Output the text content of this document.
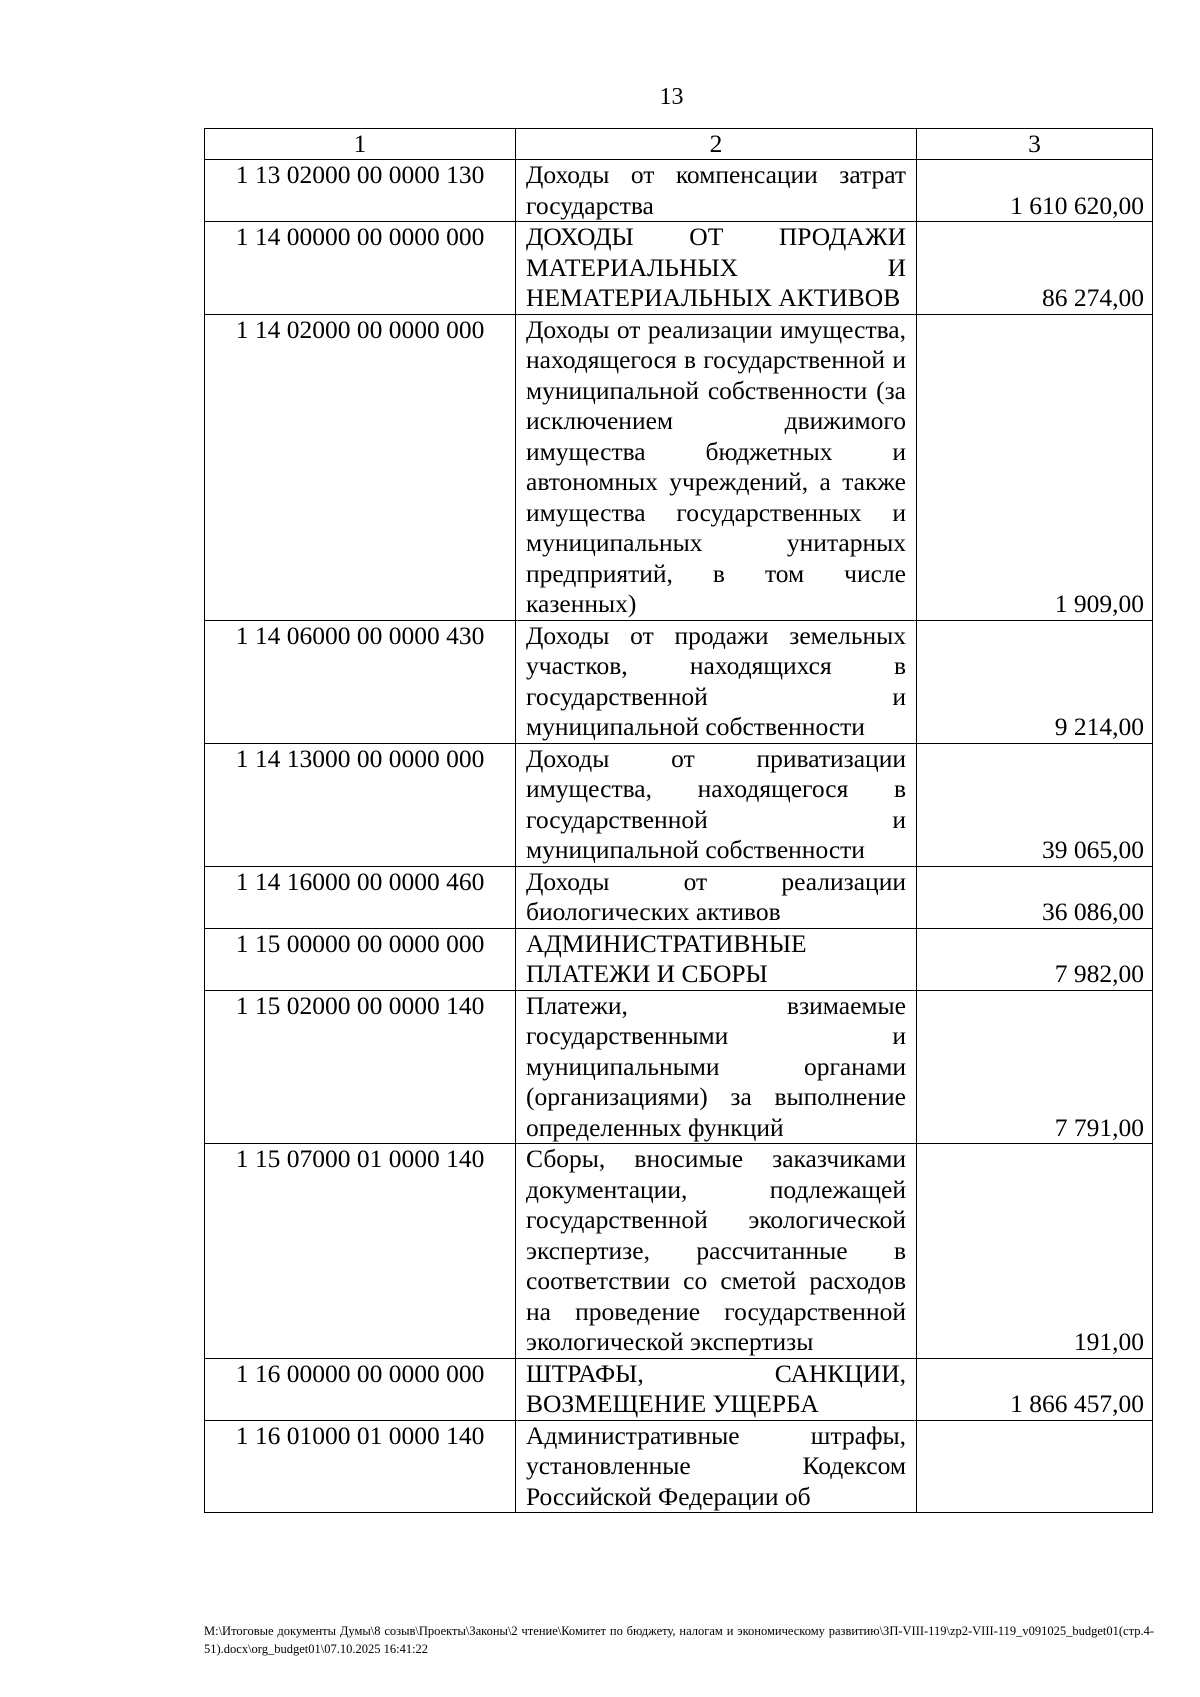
13
1	2	3
1 13 02000 00 0000 130	Доходы от компенсации затрат государства	1 610 620,00
1 14 00000 00 0000 000	ДОХОДЫ ОТ ПРОДАЖИ МАТЕРИАЛЬНЫХ И НЕМАТЕРИАЛЬНЫХ АКТИВОВ	86 274,00
1 14 02000 00 0000 000	Доходы от реализации имущества, находящегося в государственной и муниципальной собственности (за исключением движимого имущества бюджетных и автономных учреждений, а также имущества государственных и муниципальных унитарных предприятий, в том числе казенных)	1 909,00
1 14 06000 00 0000 430	Доходы от продажи земельных участков, находящихся в государственной и муниципальной собственности	9 214,00
1 14 13000 00 0000 000	Доходы от приватизации имущества, находящегося в государственной и муниципальной собственности	39 065,00
1 14 16000 00 0000 460	Доходы от реализации биологических активов	36 086,00
1 15 00000 00 0000 000	АДМИНИСТРАТИВНЫЕ ПЛАТЕЖИ И СБОРЫ	7 982,00
1 15 02000 00 0000 140	Платежи, взимаемые государственными и муниципальными органами (организациями) за выполнение определенных функций	7 791,00
1 15 07000 01 0000 140	Сборы, вносимые заказчиками документации, подлежащей государственной экологической экспертизе, рассчитанные в соответствии со сметой расходов на проведение государственной экологической экспертизы	191,00
1 16 00000 00 0000 000	ШТРАФЫ, САНКЦИИ, ВОЗМЕЩЕНИЕ УЩЕРБА	1 866 457,00
1 16 01000 01 0000 140	Административные штрафы, установленные Кодексом Российской Федерации об	
M:\Итоговые документы Думы\8 созыв\Проекты\Законы\2 чтение\Комитет по бюджету, налогам и экономическому развитию\ЗП-VIII-119\zp2-VIII-119_v091025_budget01(стр.4-51).docx\org_budget01\07.10.2025 16:41:22
